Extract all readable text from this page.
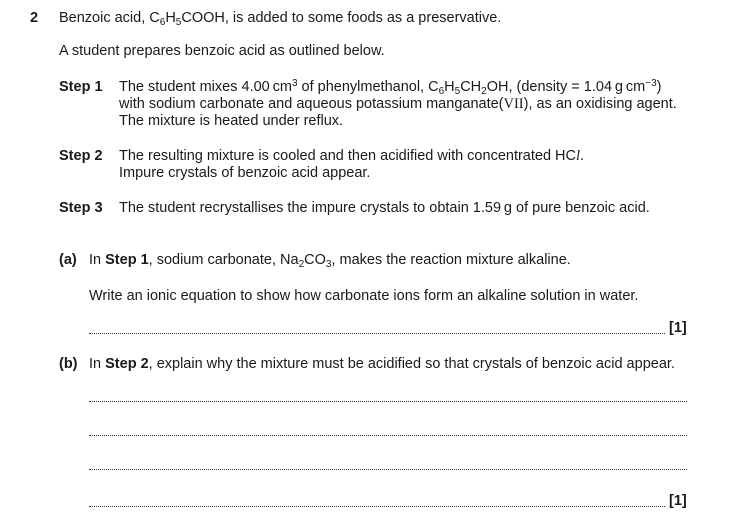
2 Benzoic acid, $C_6H_5COOH$, is added to some foods as a preservative.
A student prepares benzoic acid as outlined below.
Step 1 The student mixes 4.00 $cm^3$ of phenylmethanol, $C_6H_5CH_2OH$, (density = 1.04 g $cm^{-3}$)
with sodium carbonate and aqueous potassium manganate(VII), as an oxidising agent.
The mixture is heated under reflux.
Step 2 The resulting mixture is cooled and then acidified with concentrated HCl.
Impure crystals of benzoic acid appear.
Step 3 The student recrystallises the impure crystals to obtain 1.59 g of pure benzoic acid.
(a) In Step 1, sodium carbonate, $Na_2CO_3$, makes the reaction mixture alkaline.
Write an ionic equation to show how carbonate ions form an alkaline solution in water.
[1]
(b) In Step 2, explain why the mixture must be acidified so that crystals of benzoic acid appear.
[1]
